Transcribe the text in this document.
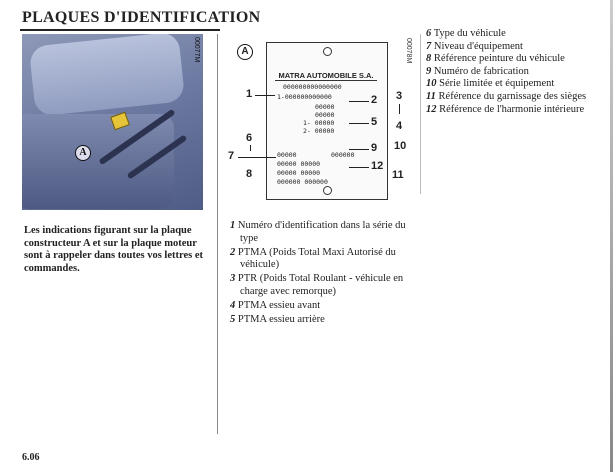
PLAQUES D'IDENTIFICATION
A
00077M	A	00078M
MATRA AUTOMOBILE S.A.
000000000000000
1-000000000000
00000
00000
1- 00000
2- 00000
00000	000000
00000 00000
00000 00000
000000 000000
1	2 3
4
5
6
7
8
9 10
11
12
Les indications figurant sur la plaque constructeur A et sur la plaque moteur sont à rappeler dans toutes vos lettres et commandes.
1 Numéro d'identification dans la série du type
2 PTMA (Poids Total Maxi Autorisé du véhicule)
3 PTR (Poids Total Roulant - véhicule en charge avec remorque)
4 PTMA essieu avant
5 PTMA essieu arrière
6 Type du véhicule
7 Niveau d'équipement
8 Référence peinture du véhicule
9 Numéro de fabrication
10 Série limitée et équipement
11 Référence du garnissage des sièges
12 Référence de l'harmonie intérieure
6.06
